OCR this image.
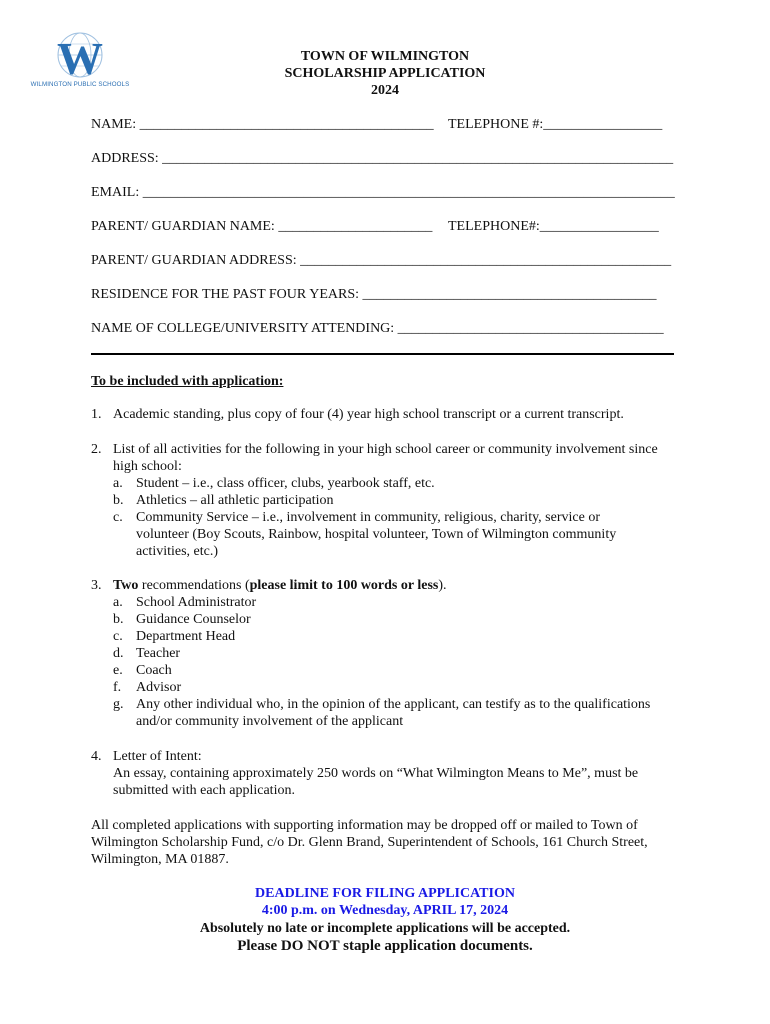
W
WILMINGTON PUBLIC SCHOOLS
TOWN OF WILMINGTON
SCHOLARSHIP APPLICATION
2024
NAME: __________________________________________ TELEPHONE #:_________________
ADDRESS: _________________________________________________________________________
EMAIL: ____________________________________________________________________________
PARENT/ GUARDIAN NAME: ______________________ TELEPHONE#:_________________
PARENT/ GUARDIAN ADDRESS: _____________________________________________________
RESIDENCE FOR THE PAST FOUR YEARS: __________________________________________
NAME OF COLLEGE/UNIVERSITY ATTENDING: ______________________________________
To be included with application:
1. Academic standing, plus copy of four (4) year high school transcript or a current transcript.
2. List of all activities for the following in your high school career or community involvement since high school:
a. Student – i.e., class officer, clubs, yearbook staff, etc.
b. Athletics – all athletic participation
c. Community Service – i.e., involvement in community, religious, charity, service or volunteer (Boy Scouts, Rainbow, hospital volunteer, Town of Wilmington community activities, etc.)
3. Two recommendations (please limit to 100 words or less).
a. School Administrator
b. Guidance Counselor
c. Department Head
d. Teacher
e. Coach
f. Advisor
g. Any other individual who, in the opinion of the applicant, can testify as to the qualifications and/or community involvement of the applicant
4. Letter of Intent:
An essay, containing approximately 250 words on “What Wilmington Means to Me”, must be submitted with each application.
All completed applications with supporting information may be dropped off or mailed to Town of Wilmington Scholarship Fund, c/o Dr. Glenn Brand, Superintendent of Schools, 161 Church Street, Wilmington, MA 01887.
DEADLINE FOR FILING APPLICATION
4:00 p.m. on Wednesday, APRIL 17, 2024
Absolutely no late or incomplete applications will be accepted.
Please DO NOT staple application documents.
